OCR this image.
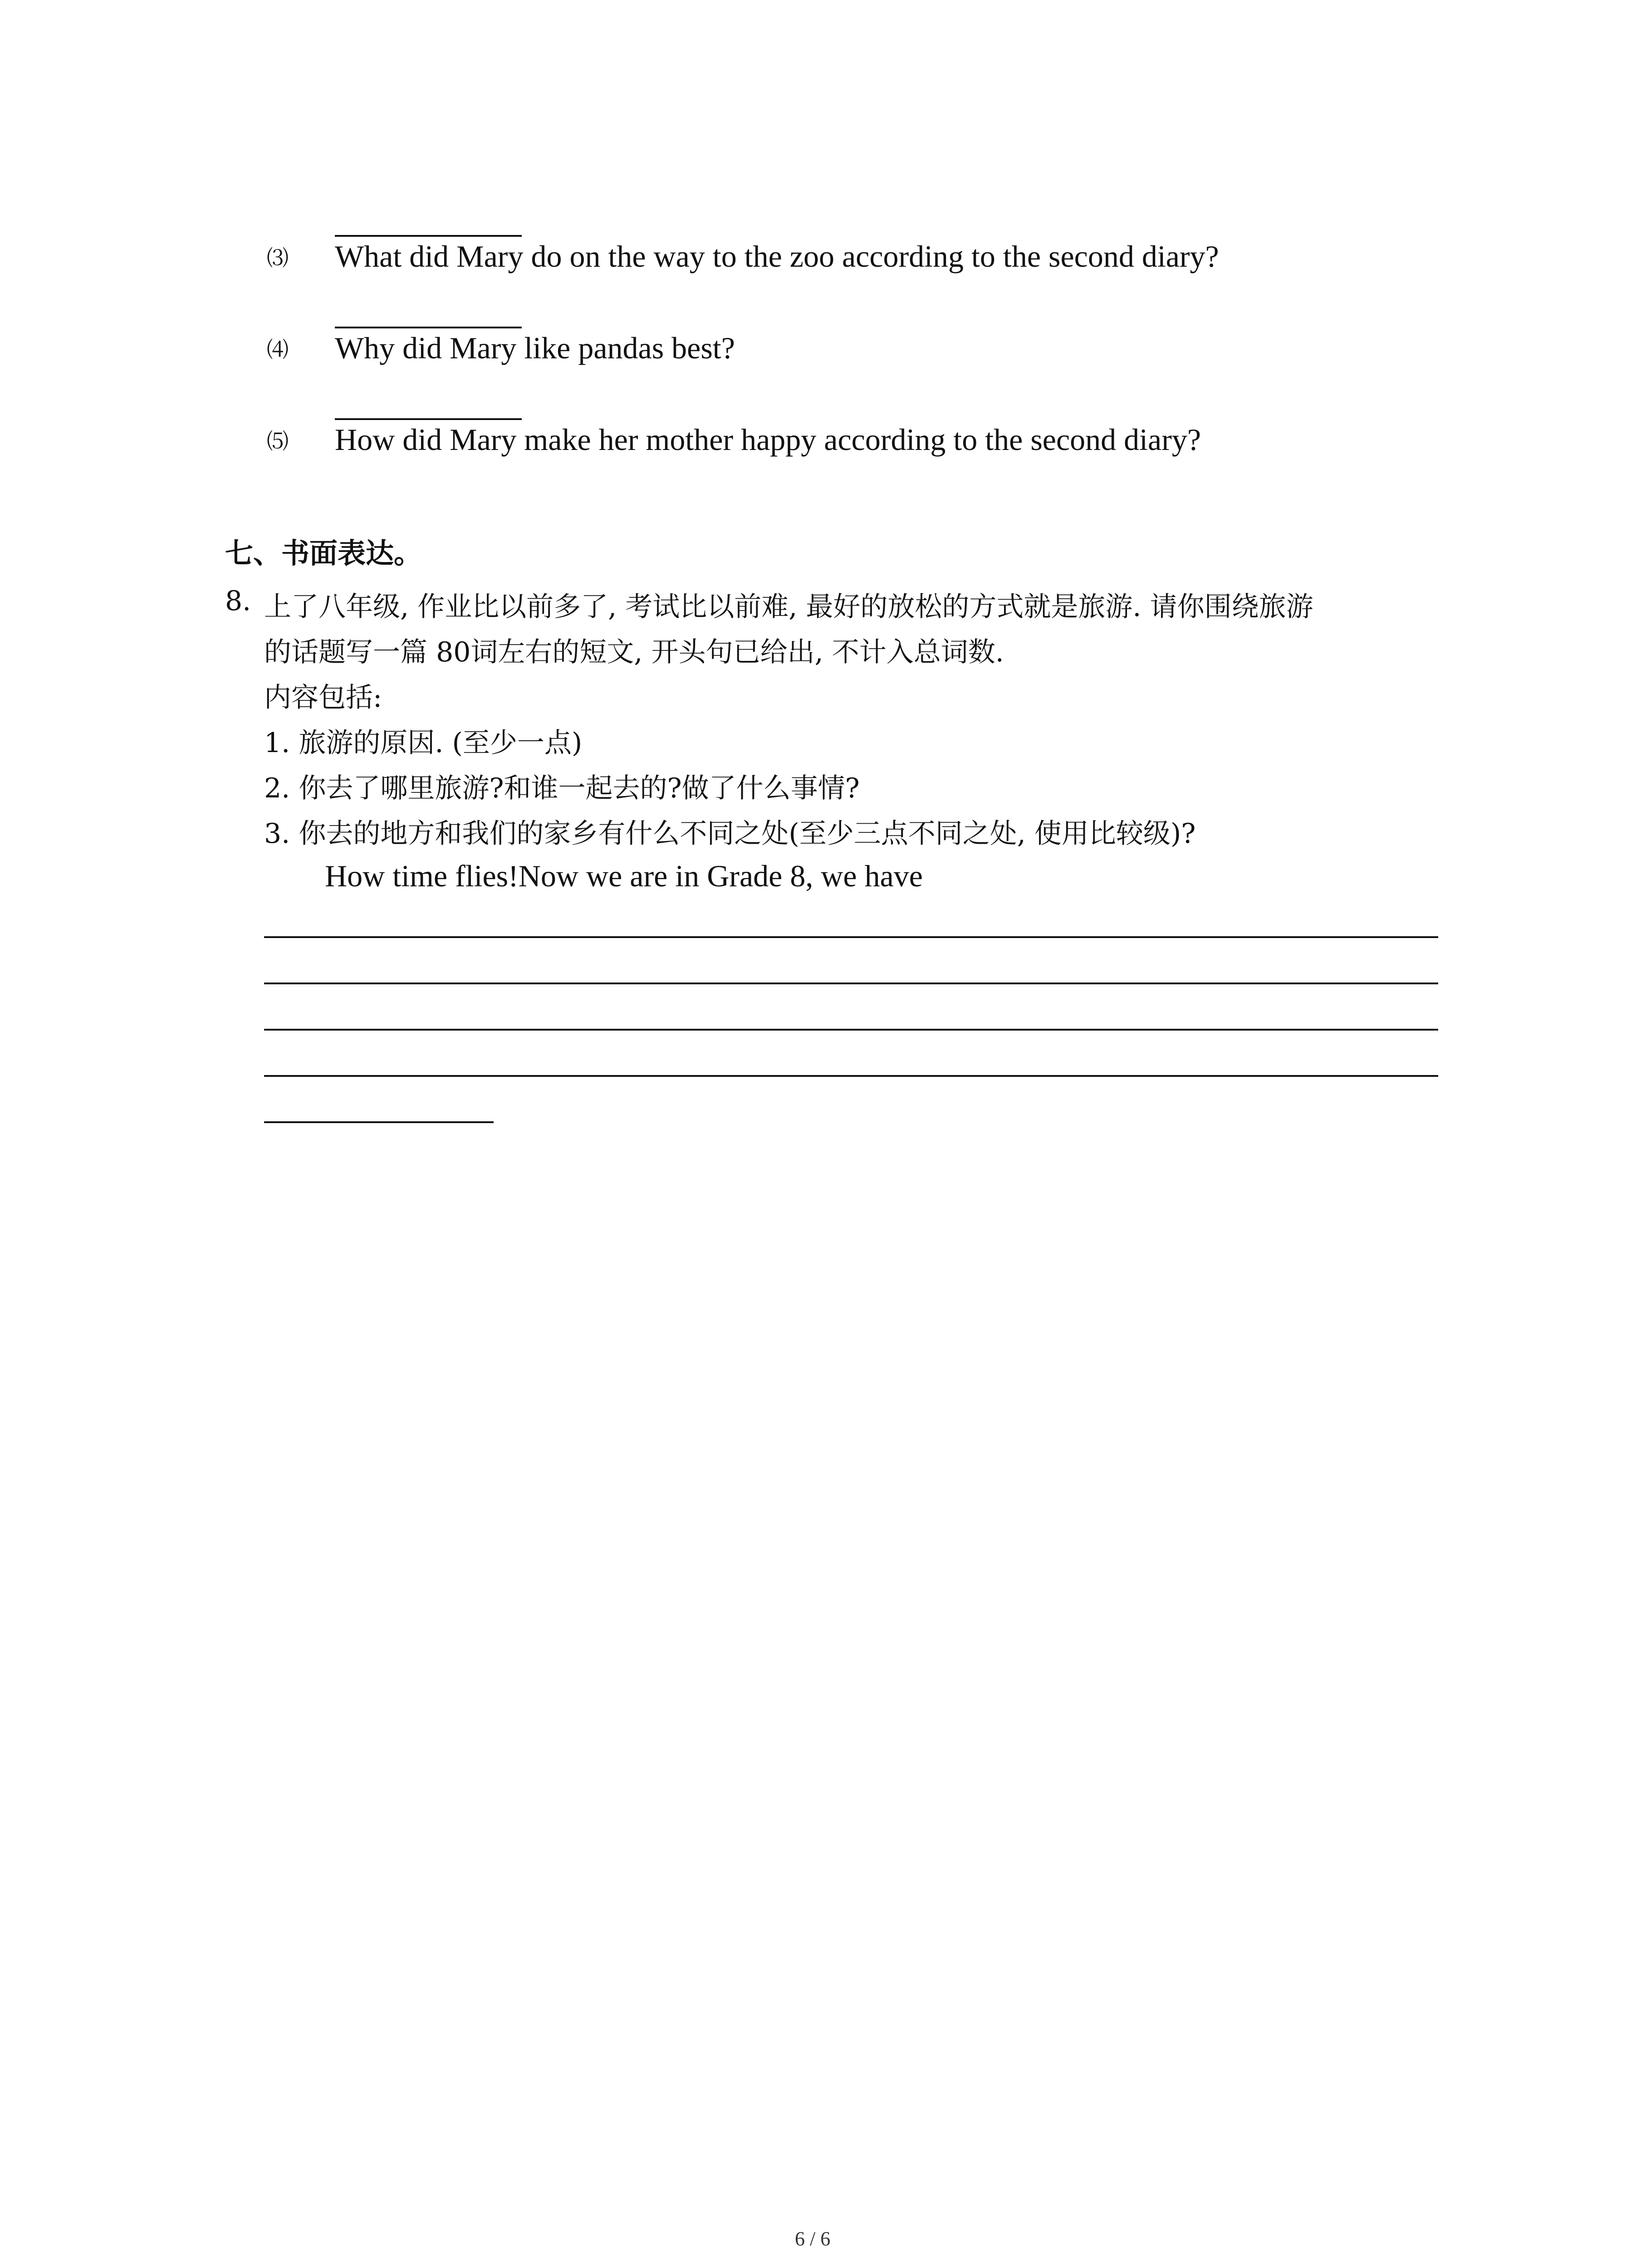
⑶ What did Mary do on the way to the zoo according to the second diary?
⑷ Why did Mary like pandas best?
⑸ How did Mary make her mother happy according to the second diary?
七、书面表达。
8. 上了八年级, 作业比以前多了, 考试比以前难, 最好的放松的方式就是旅游. 请你围绕旅游
的话题写一篇 80词左右的短文, 开头句已给出, 不计入总词数.
内容包括:
1. 旅游的原因. (至少一点)
2. 你去了哪里旅游?和谁一起去的?做了什么事情?
3. 你去的地方和我们的家乡有什么不同之处(至少三点不同之处, 使用比较级)?
How time flies!Now we are in Grade 8, we have
6 / 6
